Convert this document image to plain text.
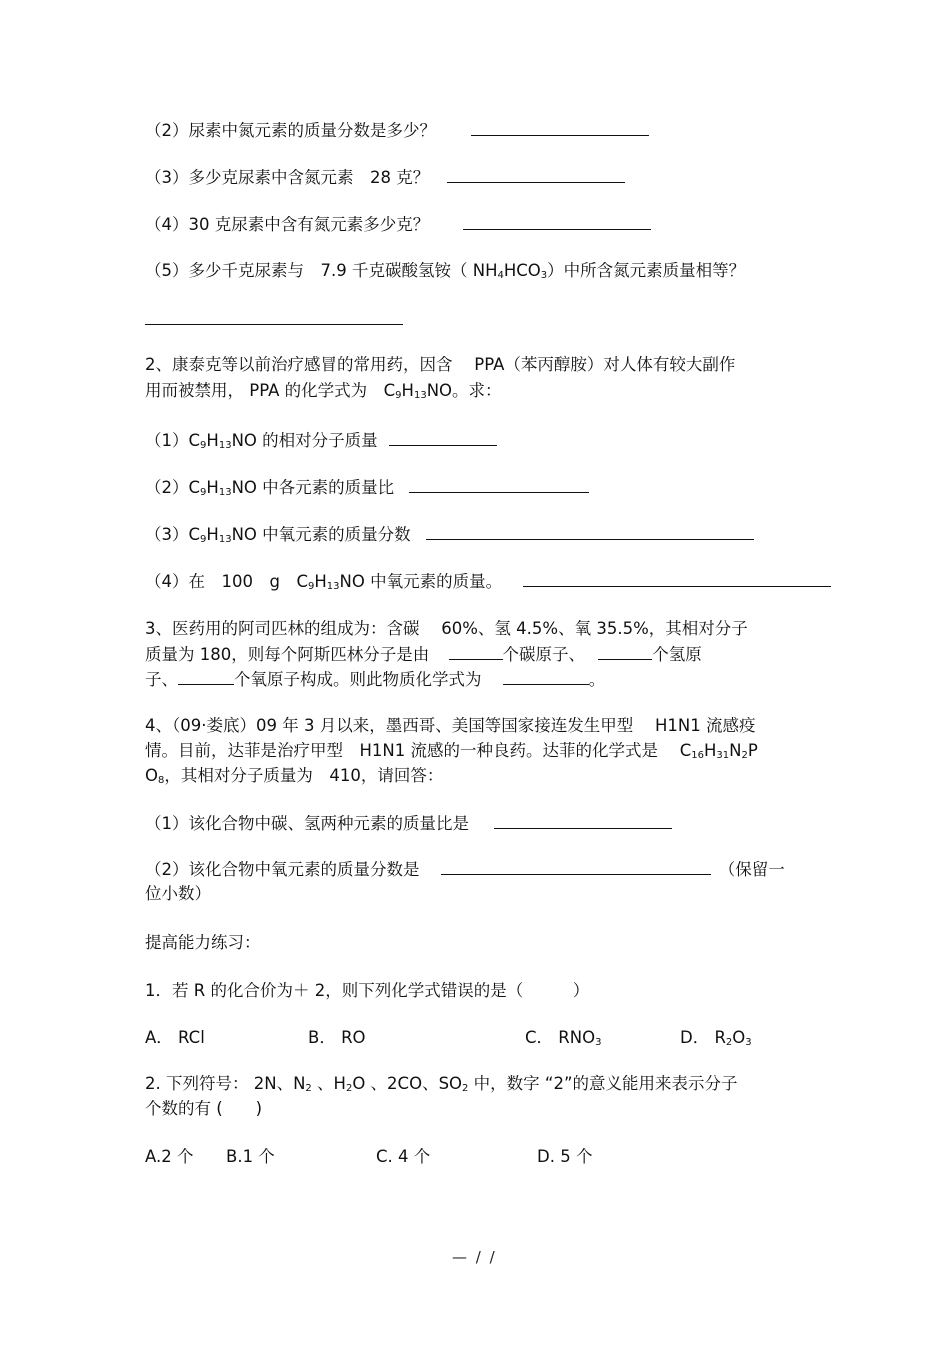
（2）尿素中氮元素的质量分数是多少？
（3）多少克尿素中含氮元素　28 克？
（4）30 克尿素中含有氮元素多少克？
（5）多少千克尿素与　7.9 千克碳酸氢铵（ $NH_4HCO_3$）中所含氮元素质量相等？
2、康泰克等以前治疗感冒的常用药，因含　 PPA（苯丙醇胺）对人体有较大副作
用而被禁用， PPA 的化学式为　$C_9H_{13}NO$。求：
$(1)C_9H_{13}NO$ 的相对分子质量
$(2)C_9H_{13}NO$ 中各元素的质量比
$(3)C_9H_{13}NO$ 中氧元素的质量分数
（4）在　100　g　$C_9H_{13}NO$ 中氧元素的质量。
3、医药用的阿司匹林的组成为：含碳　 60%、氢 4.5%、氧 35.5%，其相对分子
质量为 180，则每个阿斯匹林分子是由	个碳原子、	个氢原
子、	个氧原子构成。则此物质化学式为	。
4、（09·娄底）09 年 3 月以来，墨西哥、美国等国家接连发生甲型　 H1N1 流感疫
情。目前，达菲是治疗甲型　H1N1 流感的一种良药。达菲的化学式是　 $C_{16}H_{31}N_2P$
$O_8$，其相对分子质量为　410，请回答：
（1）该化合物中碳、氢两种元素的质量比是
（2）该化合物中氧元素的质量分数是	（保留一
位小数）
提高能力练习：
1．若 R 的化合价为＋ 2，则下列化学式错误的是（　　　）
A． RCl	B． RO	C． $RNO_3$	D． $R_2O_3$
2. 下列符号： 2N、$N_2$ 、$H_2O$ 、2CO、$SO_2$ 中，数字 “2”的意义能用来表示分子
个数的有 (　　)
A.2 个 B.1 个	C. 4 个	D. 5 个
— / /
